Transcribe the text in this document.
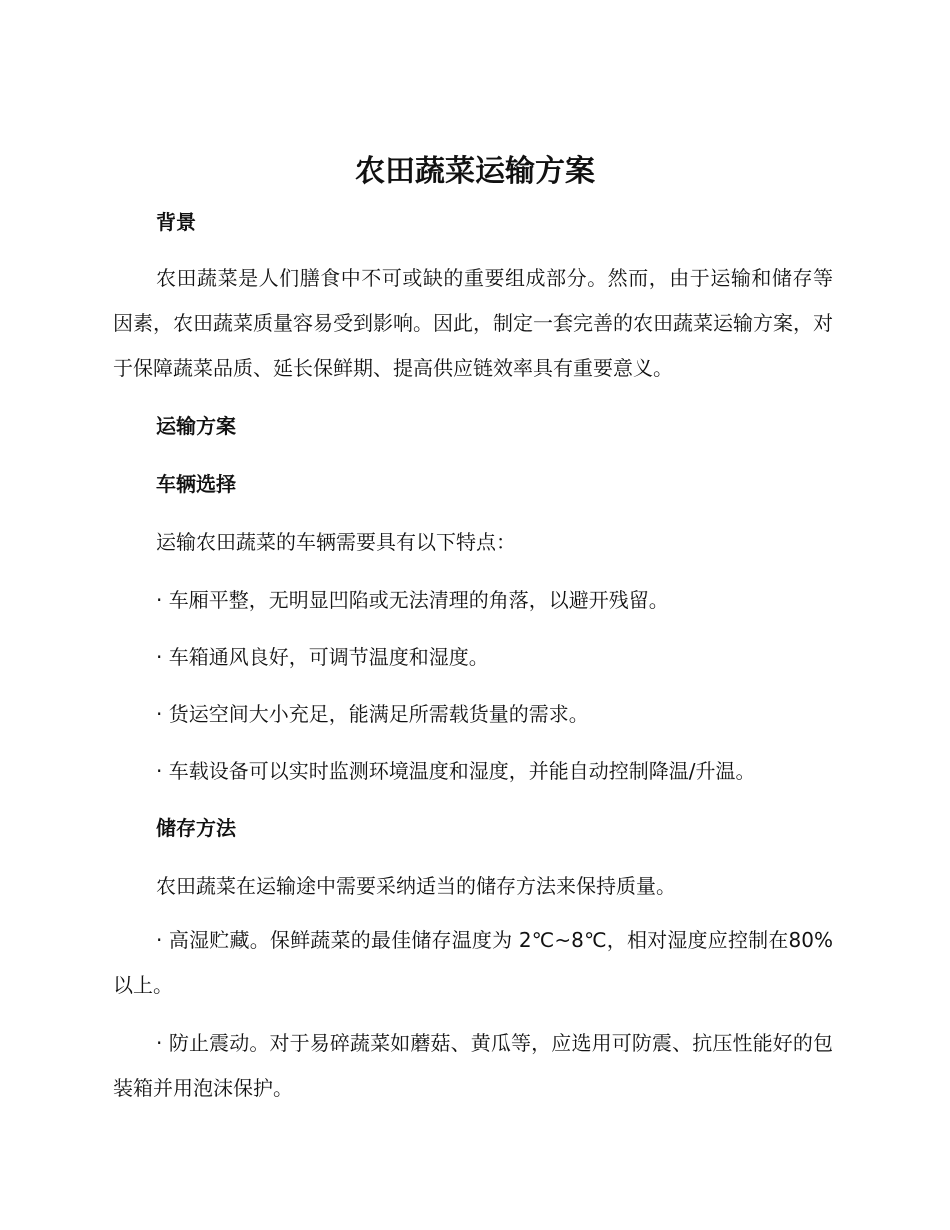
农田蔬菜运输方案

背景

农田蔬菜是人们膳食中不可或缺的重要组成部分。然而，由于运输和储存等因素，农田蔬菜质量容易受到影响。因此，制定一套完善的农田蔬菜运输方案，对于保障蔬菜品质、延长保鲜期、提高供应链效率具有重要意义。

运输方案

车辆选择

运输农田蔬菜的车辆需要具有以下特点：

· 车厢平整，无明显凹陷或无法清理的角落，以避开残留。

· 车箱通风良好，可调节温度和湿度。

· 货运空间大小充足，能满足所需载货量的需求。

· 车载设备可以实时监测环境温度和湿度，并能自动控制降温/升温。

储存方法

农田蔬菜在运输途中需要采纳适当的储存方法来保持质量。

· 高湿贮藏。保鲜蔬菜的最佳储存温度为 2℃~8℃，相对湿度应控制在80%以上。

· 防止震动。对于易碎蔬菜如蘑菇、黄瓜等，应选用可防震、抗压性能好的包装箱并用泡沫保护。
